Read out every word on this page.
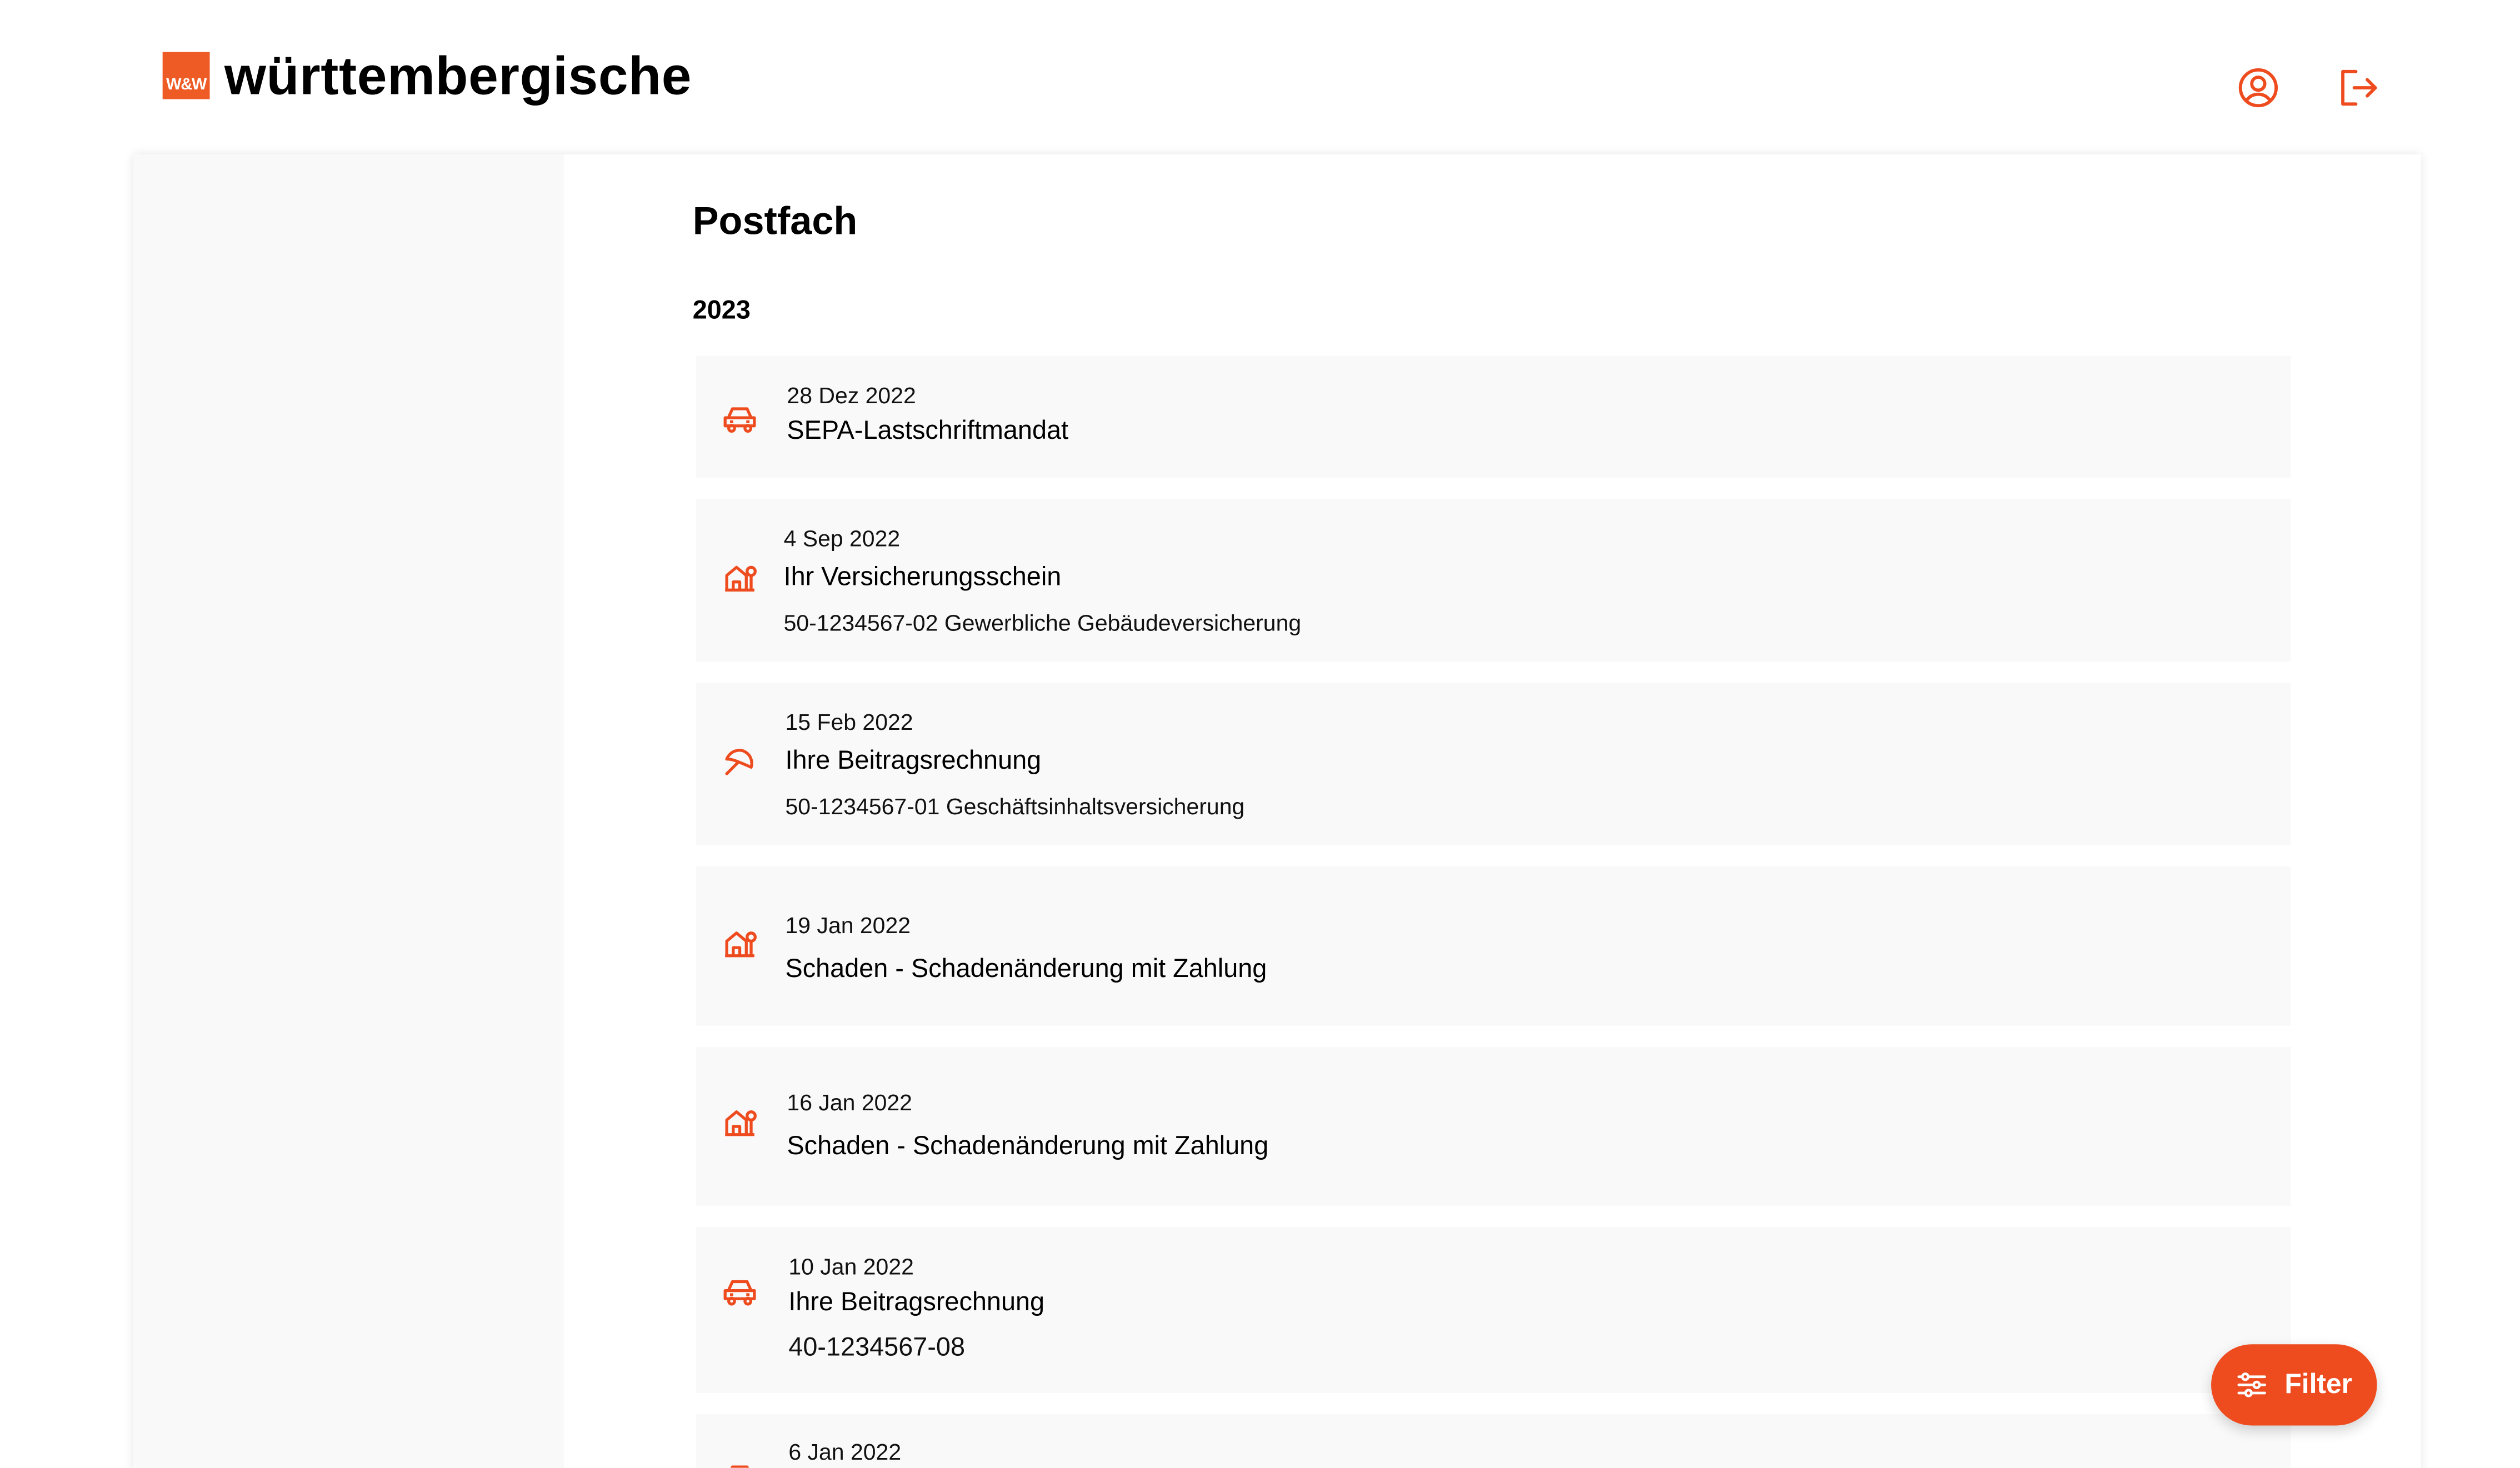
W&W württembergische
Postfach
2023
28 Dez 2022
SEPA-Lastschriftmandat
4 Sep 2022
Ihr Versicherungsschein
50-1234567-02 Gewerbliche Gebäudeversicherung
15 Feb 2022
Ihre Beitragsrechnung
50-1234567-01 Geschäftsinhaltsversicherung
19 Jan 2022
Schaden - Schadenänderung mit Zahlung
16 Jan 2022
Schaden - Schadenänderung mit Zahlung
10 Jan 2022
Ihre Beitragsrechnung
40-1234567-08
6 Jan 2022
Filter
